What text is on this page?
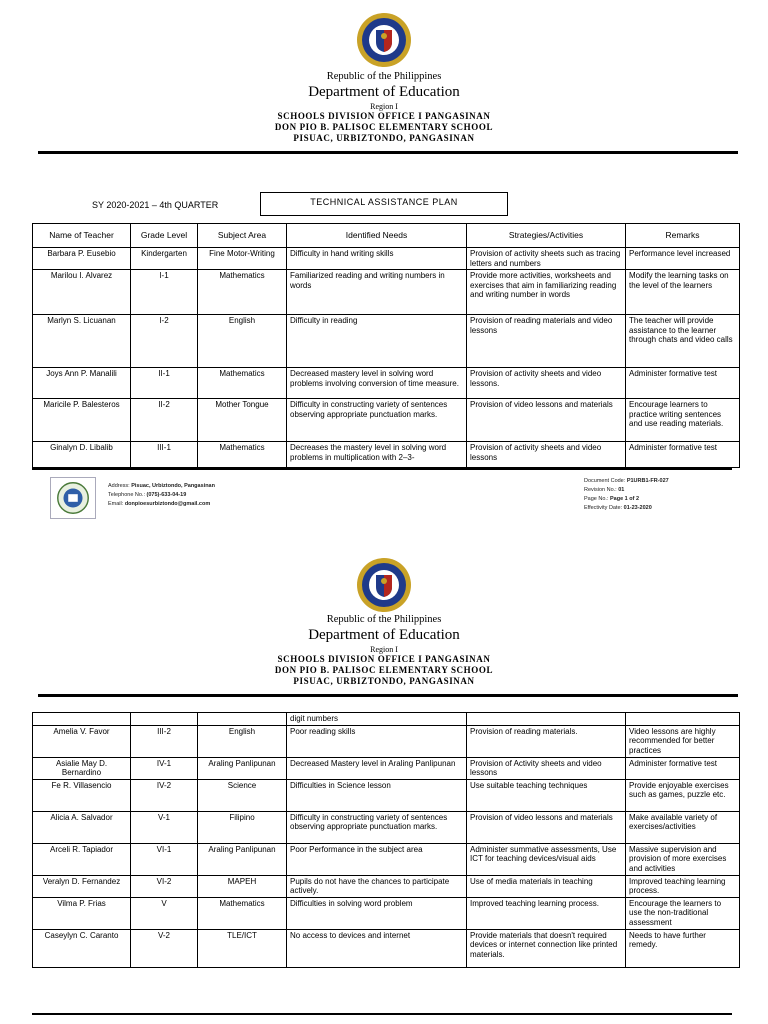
Republic of the Philippines
Department of Education
Region I
SCHOOLS DIVISION OFFICE I PANGASINAN
DON PIO B. PALISOC ELEMENTARY SCHOOL
PISUAC, URBIZTONDO, PANGASINAN
SY 2020-2021 – 4th QUARTER	TECHNICAL ASSISTANCE PLAN
Name of Teacher	Grade Level	Subject Area	Identified Needs	Strategies/Activities	Remarks
Barbara P. Eusebio	Kindergarten	Fine Motor-Writing	Difficulty in hand writing skills	Provision of activity sheets such as tracing letters and numbers	Performance level increased
Marilou I. Alvarez	I-1	Mathematics	Familiarized reading and writing numbers in words	Provide more activities, worksheets and exercises that aim in familiarizing reading and writing number in words	Modify the learning tasks on the level of the learners
Marlyn S. Licuanan	I-2	English	Difficulty in reading	Provision of reading materials and video lessons	The teacher will provide assistance to the learner through chats and video calls
Joys Ann P. Manalili	II-1	Mathematics	Decreased mastery level in solving word problems involving conversion of time measure.	Provision of activity sheets and video lessons.	Administer formative test
Maricile P. Balesteros	II-2	Mother Tongue	Difficulty in constructing variety of sentences observing appropriate punctuation marks.	Provision of video lessons and materials	Encourage learners to practice writing sentences and use reading materials.
Ginalyn D. Libalib	III-1	Mathematics	Decreases the mastery level in solving word problems in multiplication with 2–3-	Provision of activity sheets and video lessons	Administer formative test
Address: Pisuac, Urbiztondo, Pangasinan
Telephone No.: (075)-633-04-19
Email: donpioesurbiztondo@gmail.com
Document Code: P1URB1-FR-027
Revision No.: 01
Page No.: Page 1 of 2
Effectivity Date: 01-23-2020
Republic of the Philippines
Department of Education
Region I
SCHOOLS DIVISION OFFICE I PANGASINAN
DON PIO B. PALISOC ELEMENTARY SCHOOL
PISUAC, URBIZTONDO, PANGASINAN
			digit numbers		
Amelia V. Favor	III-2	English	Poor reading skills	Provision of reading materials.	Video lessons are highly recommended for better practices
Asialie May D. Bernardino	IV-1	Araling Panlipunan	Decreased Mastery level in Araling Panlipunan	Provision of Activity sheets and video lessons	Administer formative test
Fe R. Villasencio	IV-2	Science	Difficulties in Science lesson	Use suitable teaching techniques	Provide enjoyable exercises such as games, puzzle etc.
Alicia A. Salvador	V-1	Filipino	Difficulty in constructing variety of sentences observing appropriate punctuation marks.	Provision of video lessons and materials	Make available variety of exercises/activities
Arceli R. Tapiador	VI-1	Araling Panlipunan	Poor Performance in the subject area	Administer summative assessments, Use ICT for teaching devices/visual aids	Massive supervision and provision of more exercises and activities
Veralyn D. Fernandez	VI-2	MAPEH	Pupils do not have the chances to participate actively.	Use of media materials in teaching	Improved teaching learning process.
Vilma P. Frias	V	Mathematics	Difficulties in solving word problem	Improved teaching learning process.	Encourage the learners to use the non-traditional assessment
Caseylyn C. Caranto	V-2	TLE/ICT	No access to devices and internet	Provide materials that doesn't required devices or internet connection like printed materials.	Needs to have further remedy.
